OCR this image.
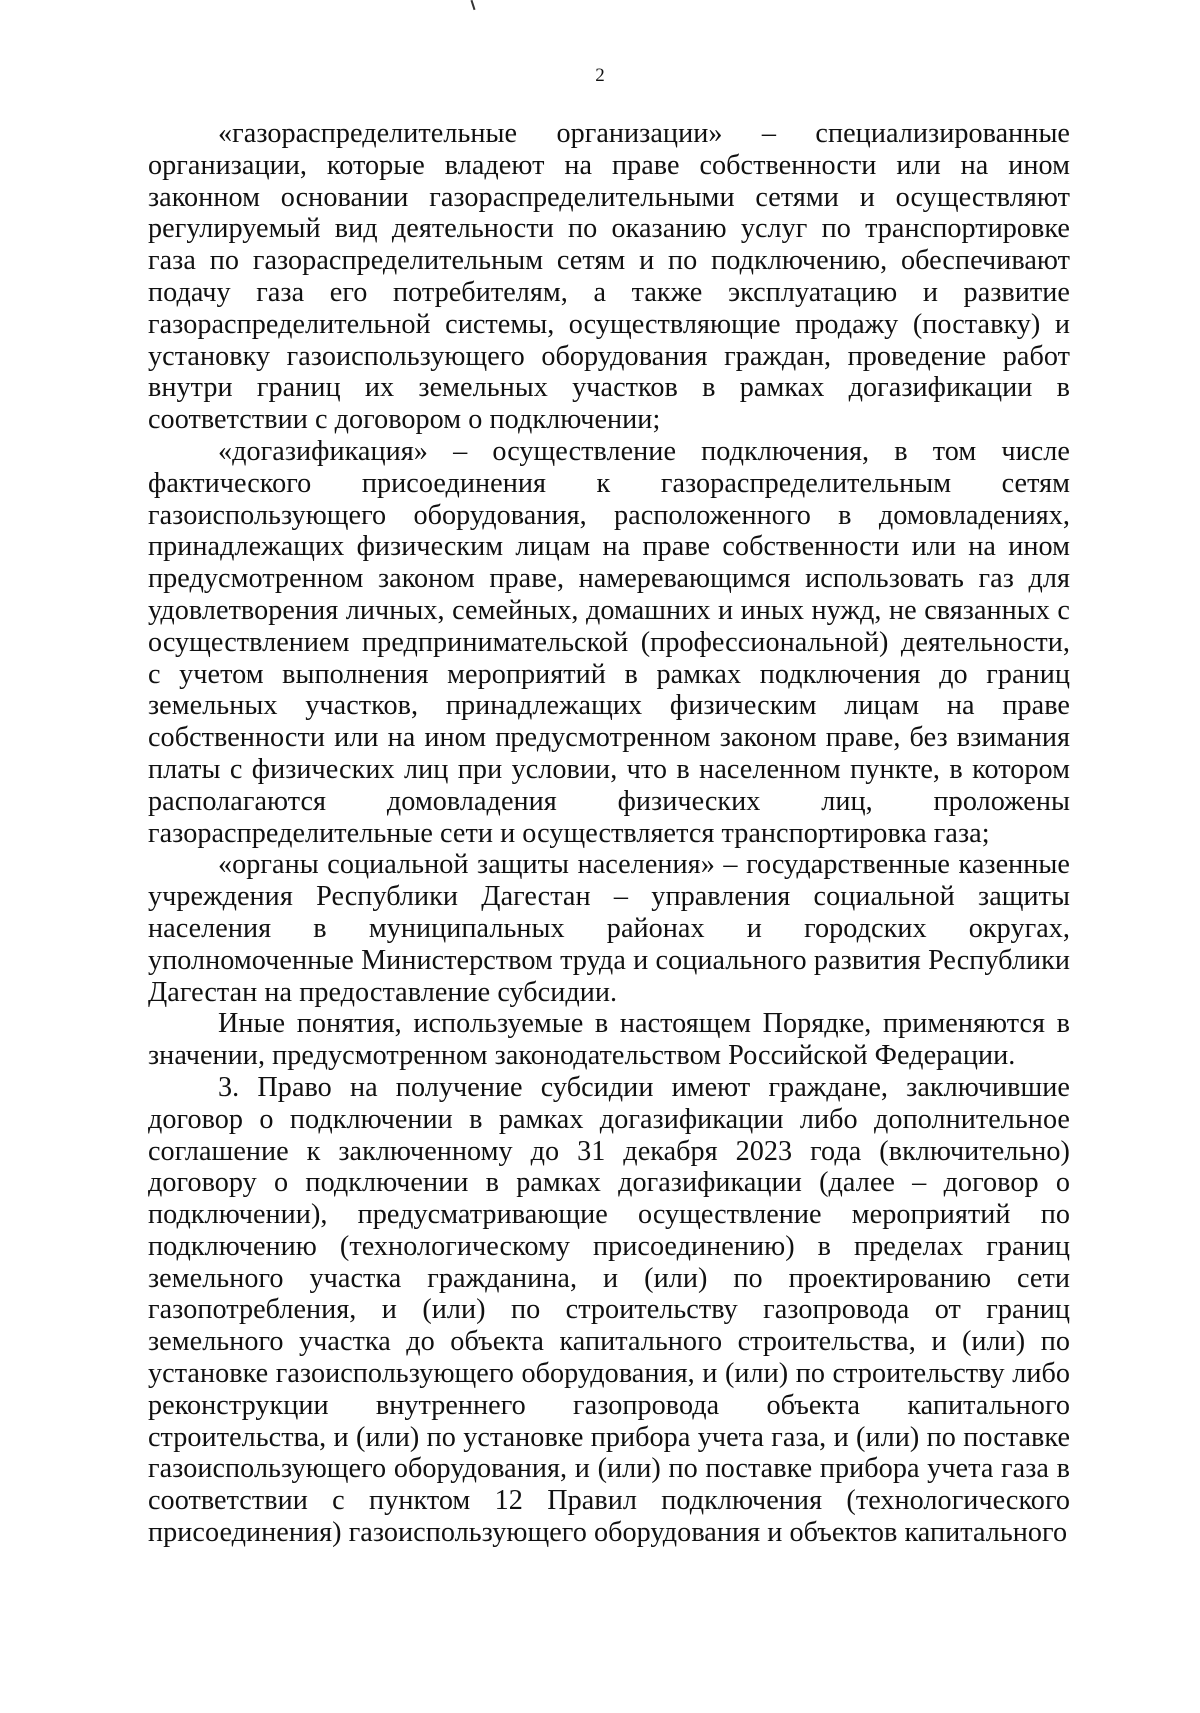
2

«газораспределительные организации» – специализированные организации, которые владеют на праве собственности или на ином законном основании газораспределительными сетями и осуществляют регулируемый вид деятельности по оказанию услуг по транспортировке газа по газораспределительным сетям и по подключению, обеспечивают подачу газа его потребителям, а также эксплуатацию и развитие газораспределительной системы, осуществляющие продажу (поставку) и установку газоиспользующего оборудования граждан, проведение работ внутри границ их земельных участков в рамках догазификации в соответствии с договором о подключении;

«догазификация» – осуществление подключения, в том числе фактического присоединения к газораспределительным сетям газоиспользующего оборудования, расположенного в домовладениях, принадлежащих физическим лицам на праве собственности или на ином предусмотренном законом праве, намеревающимся использовать газ для удовлетворения личных, семейных, домашних и иных нужд, не связанных с осуществлением предпринимательской (профессиональной) деятельности, с учетом выполнения мероприятий в рамках подключения до границ земельных участков, принадлежащих физическим лицам на праве собственности или на ином предусмотренном законом праве, без взимания платы с физических лиц при условии, что в населенном пункте, в котором располагаются домовладения физических лиц, проложены газораспределительные сети и осуществляется транспортировка газа;

«органы социальной защиты населения» – государственные казенные учреждения Республики Дагестан – управления социальной защиты населения в муниципальных районах и городских округах, уполномоченные Министерством труда и социального развития Республики Дагестан на предоставление субсидии.

Иные понятия, используемые в настоящем Порядке, применяются в значении, предусмотренном законодательством Российской Федерации.

3. Право на получение субсидии имеют граждане, заключившие договор о подключении в рамках догазификации либо дополнительное соглашение к заключенному до 31 декабря 2023 года (включительно) договору о подключении в рамках догазификации (далее – договор о подключении), предусматривающие осуществление мероприятий по подключению (технологическому присоединению) в пределах границ земельного участка гражданина, и (или) по проектированию сети газопотребления, и (или) по строительству газопровода от границ земельного участка до объекта капитального строительства, и (или) по установке газоиспользующего оборудования, и (или) по строительству либо реконструкции внутреннего газопровода объекта капитального строительства, и (или) по установке прибора учета газа, и (или) по поставке газоиспользующего оборудования, и (или) по поставке прибора учета газа в соответствии с пунктом 12 Правил подключения (технологического присоединения) газоиспользующего оборудования и объектов капитального
